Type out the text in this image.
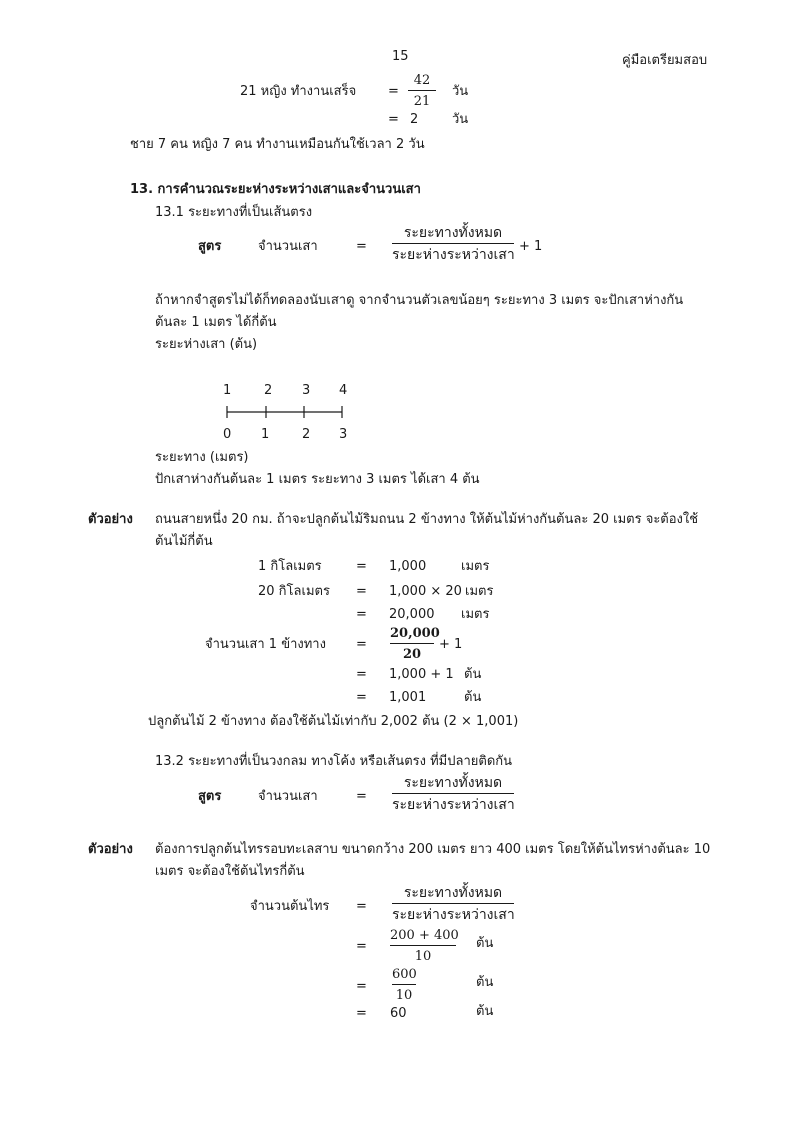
15	คู่มือเตรียมสอบ
21 หญิง ทำงานเสร็จ =
42
21
วัน
= 2	วัน
ชาย 7 คน หญิง 7 คน ทำงานเหมือนกันใช้เวลา 2 วัน
13. การคำนวณระยะห่างระหว่างเสาและจำนวนเสา
13.1 ระยะทางที่เป็นเส้นตรง
สูตร	จำนวนเสา	=
ระยะทางทั้งหมด
ระยะห่างระหว่างเสา
+ 1
ถ้าหากจำสูตรไม่ได้ก็ทดลองนับเสาดู จากจำนวนตัวเลขน้อยๆ ระยะทาง 3 เมตร จะปักเสาห่างกัน
ต้นละ 1 เมตร ได้กี่ต้น
ระยะห่างเสา (ต้น)
1	2 3 4
0 1	2 3
ระยะทาง (เมตร)
ปักเสาห่างกันต้นละ 1 เมตร ระยะทาง 3 เมตร ได้เสา 4 ต้น
ตัวอย่าง ถนนสายหนึ่ง 20 กม. ถ้าจะปลูกต้นไม้ริมถนน 2 ข้างทาง ให้ต้นไม้ห่างกันต้นละ 20 เมตร จะต้องใช้
ต้นไม้กี่ต้น
1 กิโลเมตร	= 1,000	เมตร
20 กิโลเมตร = 1,000 × 20 เมตร
= 20,000 เมตร
จำนวนเสา 1 ข้างทาง =
20,000
20
+ 1
= 1,000 + 1 ต้น
= 1,001	ต้น
ปลูกต้นไม้ 2 ข้างทาง ต้องใช้ต้นไม้เท่ากับ 2,002 ต้น (2 × 1,001)
13.2 ระยะทางที่เป็นวงกลม ทางโค้ง หรือเส้นตรง ที่มีปลายติดกัน
สูตร	จำนวนเสา	=
ระยะทางทั้งหมด
ระยะห่างระหว่างเสา
ตัวอย่าง ต้องการปลูกต้นไทรรอบทะเลสาบ ขนาดกว้าง 200 เมตร ยาว 400 เมตร โดยให้ต้นไทรห่างต้นละ 10
เมตร จะต้องใช้ต้นไทรกี่ต้น
จำนวนต้นไทร =
ระยะทางทั้งหมด
ระยะห่างระหว่างเสา
=
200 + 400
10
ต้น
=
600
10
ต้น
= 60	ต้น
